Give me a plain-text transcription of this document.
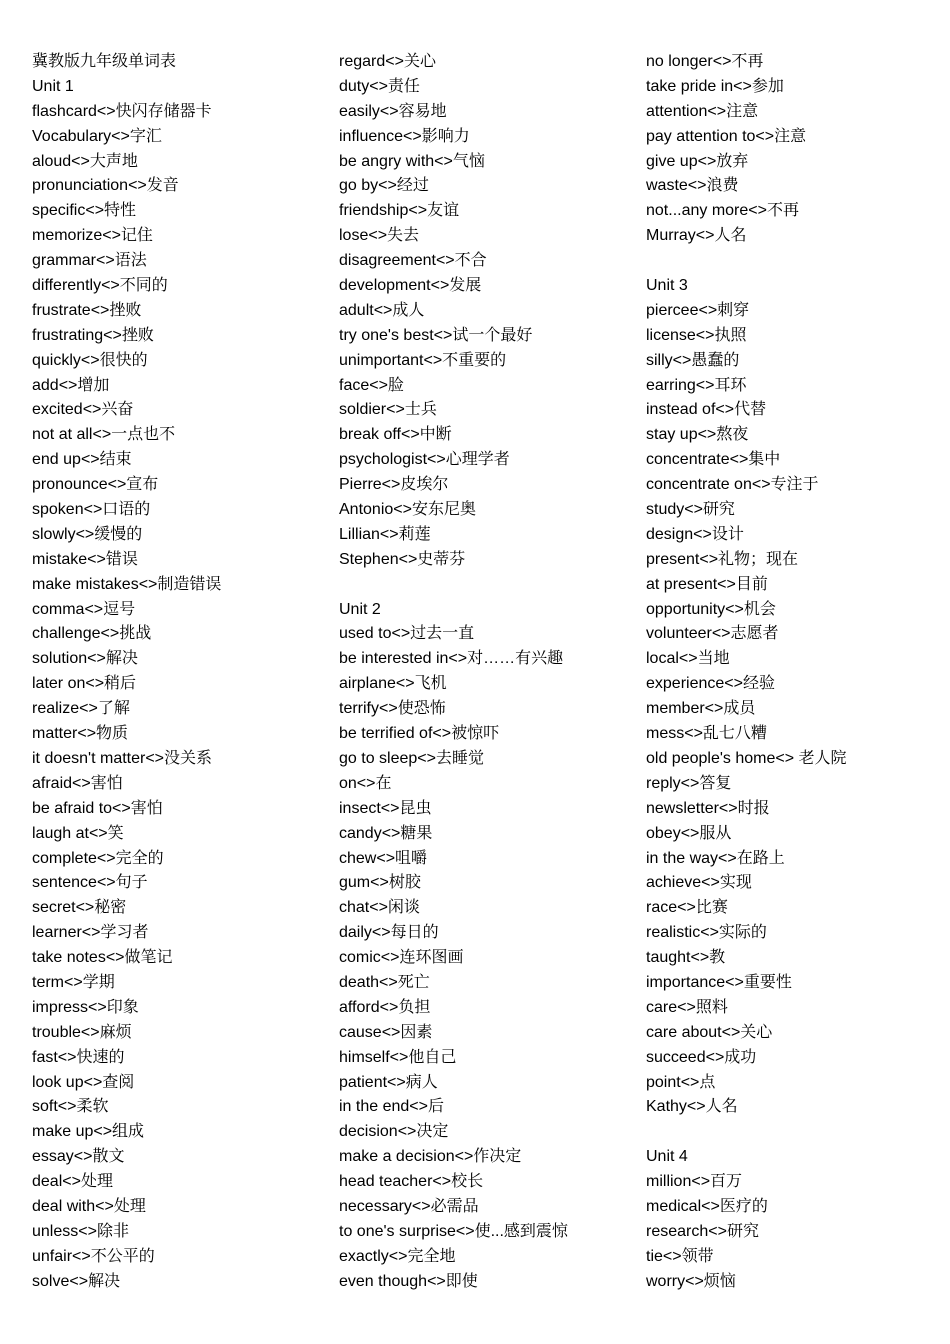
冀教版九年级单词表
Unit 1
flashcard<>快闪存储器卡
Vocabulary<>字汇
aloud<>大声地
pronunciation<>发音
specific<>特性
memorize<>记住
grammar<>语法
differently<>不同的
frustrate<>挫败
frustrating<>挫败
quickly<>很快的
add<>增加
excited<>兴奋
not at all<>一点也不
end up<>结束
pronounce<>宣布
spoken<>口语的
slowly<>缓慢的
mistake<>错误
make mistakes<>制造错误
comma<>逗号
challenge<>挑战
solution<>解决
later on<>稍后
realize<>了解
matter<>物质
it doesn't matter<>没关系
afraid<>害怕
be afraid to<>害怕
laugh at<>笑
complete<>完全的
sentence<>句子
secret<>秘密
learner<>学习者
take notes<>做笔记
term<>学期
impress<>印象
trouble<>麻烦
fast<>快速的
look up<>查阅
soft<>柔软
make up<>组成
essay<>散文
deal<>处理
deal with<>处理
unless<>除非
unfair<>不公平的
solve<>解决
regard<>关心
duty<>责任
easily<>容易地
influence<>影响力
be angry with<>气恼
go by<>经过
friendship<>友谊
lose<>失去
disagreement<>不合
development<>发展
adult<>成人
try one's best<>试一个最好
unimportant<>不重要的
face<>脸
soldier<>士兵
break off<>中断
psychologist<>心理学者
Pierre<>皮埃尔
Antonio<>安东尼奥
Lillian<>莉莲
Stephen<>史蒂芬
Unit 2
used to<>过去一直
be interested in<>对……有兴趣
airplane<>飞机
terrify<>使恐怖
be terrified of<>被惊吓
go to sleep<>去睡觉
on<>在
insect<>昆虫
candy<>糖果
chew<>咀嚼
gum<>树胶
chat<>闲谈
daily<>每日的
comic<>连环图画
death<>死亡
afford<>负担
cause<>因素
himself<>他自己
patient<>病人
in the end<>后
decision<>决定
make a decision<>作决定
head teacher<>校长
necessary<>必需品
to one's surprise<>使...感到震惊
exactly<>完全地
even though<>即使
no longer<>不再
take pride in<>参加
attention<>注意
pay attention to<>注意
give up<>放弃
waste<>浪费
not...any more<>不再
Murray<>人名
Unit 3
piercee<>刺穿
license<>执照
silly<>愚蠢的
earring<>耳环
instead of<>代替
stay up<>熬夜
concentrate<>集中
concentrate on<>专注于
study<>研究
design<>设计
present<>礼物；现在
at present<>目前
opportunity<>机会
volunteer<>志愿者
local<>当地
experience<>经验
member<>成员
mess<>乱七八糟
old people's home<> 老人院
reply<>答复
newsletter<>时报
obey<>服从
in the way<>在路上
achieve<>实现
race<>比赛
realistic<>实际的
taught<>教
importance<>重要性
care<>照料
care about<>关心
succeed<>成功
point<>点
Kathy<>人名
Unit 4
million<>百万
medical<>医疗的
research<>研究
tie<>领带
worry<>烦恼
